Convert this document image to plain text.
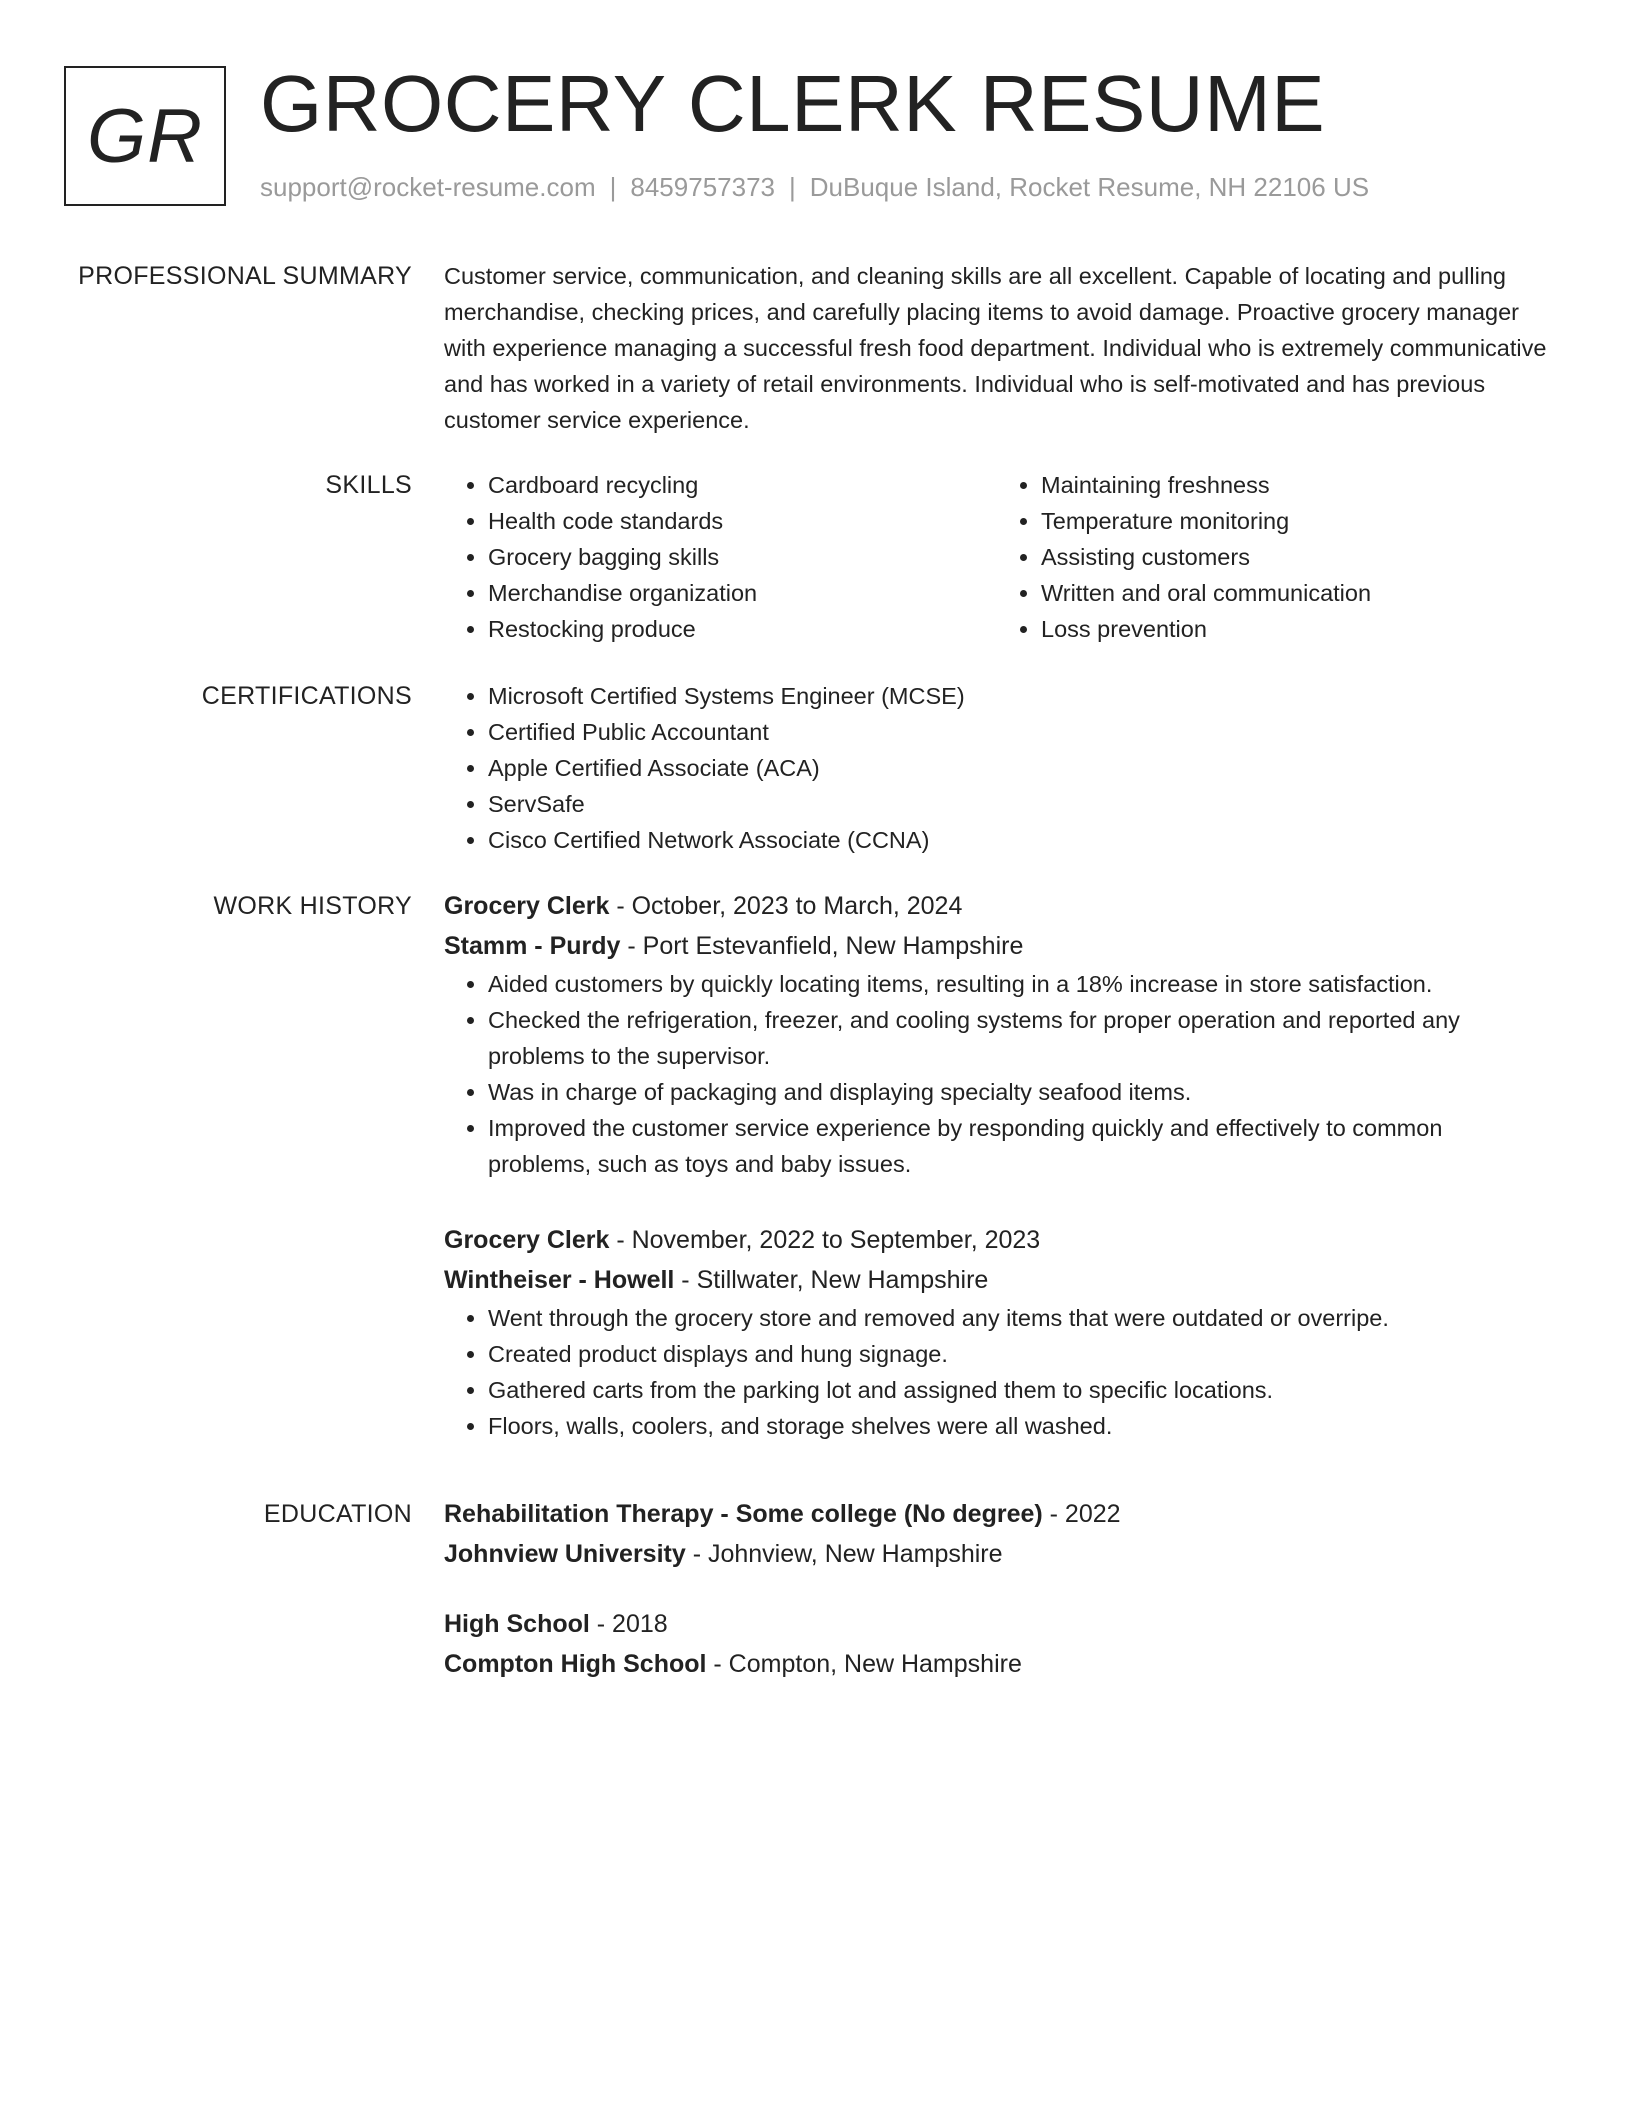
GR GROCERY CLERK RESUME
support@rocket-resume.com | 8459757373 | DuBuque Island, Rocket Resume, NH 22106 US
PROFESSIONAL SUMMARY Customer service, communication, and cleaning skills are all excellent. Capable of locating and pulling merchandise, checking prices, and carefully placing items to avoid damage. Proactive grocery manager with experience managing a successful fresh food department. Individual who is extremely communicative and has worked in a variety of retail environments. Individual who is self-motivated and has previous customer service experience.

SKILLS	• Cardboard recycling
• Health code standards
• Grocery bagging skills
• Merchandise organization
• Restocking produce
• Maintaining freshness
• Temperature monitoring
• Assisting customers
• Written and oral communication
• Loss prevention
CERTIFICATIONS	• Microsoft Certified Systems Engineer (MCSE)
• Certified Public Accountant
• Apple Certified Associate (ACA)
• ServSafe
• Cisco Certified Network Associate (CCNA)
WORK HISTORY Grocery Clerk - October, 2023 to March, 2024
Stamm - Purdy - Port Estevanfield, New Hampshire
• Aided customers by quickly locating items, resulting in a 18% increase in store satisfaction.
• Checked the refrigeration, freezer, and cooling systems for proper operation and reported any problems to the supervisor.
• Was in charge of packaging and displaying specialty seafood items.
• Improved the customer service experience by responding quickly and effectively to common problems, such as toys and baby issues.
Grocery Clerk - November, 2022 to September, 2023
Wintheiser - Howell - Stillwater, New Hampshire
• Went through the grocery store and removed any items that were outdated or overripe.
• Created product displays and hung signage.
• Gathered carts from the parking lot and assigned them to specific locations.
• Floors, walls, coolers, and storage shelves were all washed.
EDUCATION Rehabilitation Therapy - Some college (No degree) - 2022
Johnview University - Johnview, New Hampshire
High School - 2018
Compton High School - Compton, New Hampshire
